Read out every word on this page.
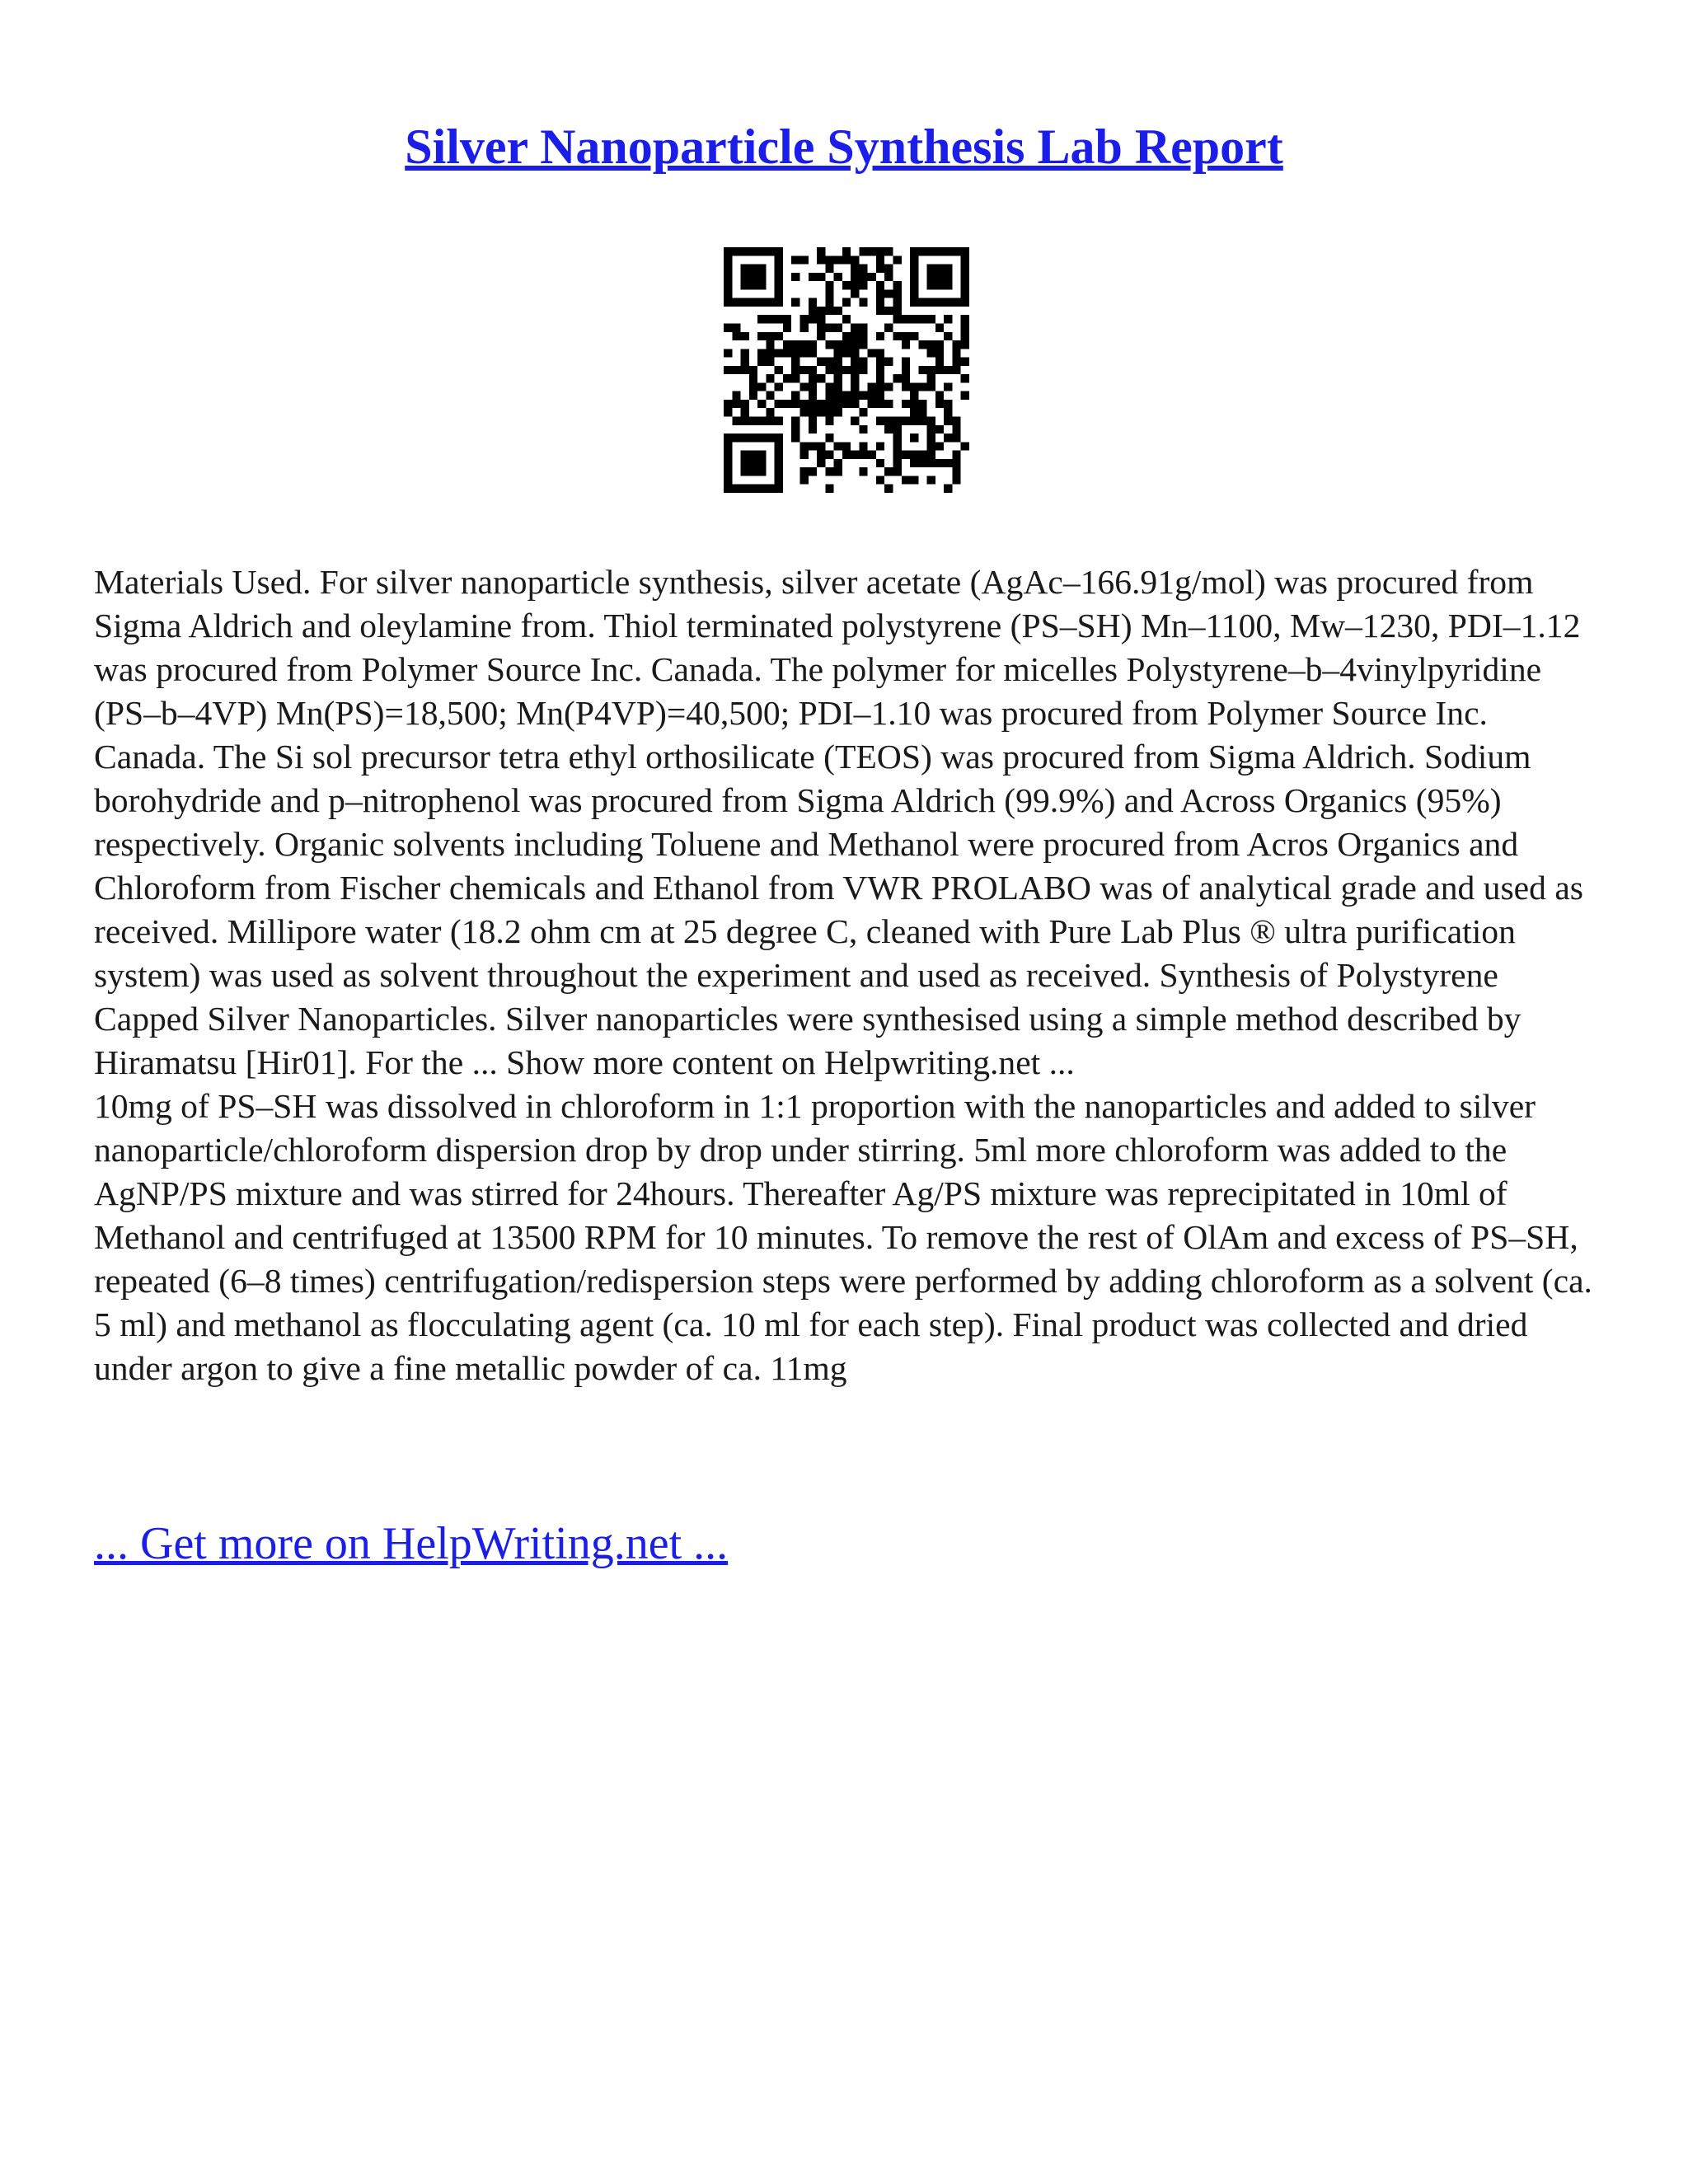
Silver Nanoparticle Synthesis Lab Report

Materials Used. For silver nanoparticle synthesis, silver acetate (AgAc–166.91g/mol) was procured from Sigma Aldrich and oleylamine from. Thiol terminated polystyrene (PS–SH) Mn–1100, Mw–1230, PDI–1.12 was procured from Polymer Source Inc. Canada. The polymer for micelles Polystyrene–b–4vinylpyridine (PS–b–4VP) Mn(PS)=18,500; Mn(P4VP)=40,500; PDI–1.10 was procured from Polymer Source Inc. Canada. The Si sol precursor tetra ethyl orthosilicate (TEOS) was procured from Sigma Aldrich. Sodium borohydride and p–nitrophenol was procured from Sigma Aldrich (99.9%) and Across Organics (95%) respectively. Organic solvents including Toluene and Methanol were procured from Acros Organics and Chloroform from Fischer chemicals and Ethanol from VWR PROLABO was of analytical grade and used as received. Millipore water (18.2 ohm cm at 25 degree C, cleaned with Pure Lab Plus ® ultra purification system) was used as solvent throughout the experiment and used as received. Synthesis of Polystyrene Capped Silver Nanoparticles. Silver nanoparticles were synthesised using a simple method described by Hiramatsu [Hir01]. For the ... Show more content on Helpwriting.net ...

10mg of PS–SH was dissolved in chloroform in 1:1 proportion with the nanoparticles and added to silver nanoparticle/chloroform dispersion drop by drop under stirring. 5ml more chloroform was added to the AgNP/PS mixture and was stirred for 24hours. Thereafter Ag/PS mixture was reprecipitated in 10ml of Methanol and centrifuged at 13500 RPM for 10 minutes. To remove the rest of OlAm and excess of PS–SH, repeated (6–8 times) centrifugation/redispersion steps were performed by adding chloroform as a solvent (ca. 5 ml) and methanol as flocculating agent (ca. 10 ml for each step). Final product was collected and dried under argon to give a fine metallic powder of ca. 11mg

... Get more on HelpWriting.net ...
